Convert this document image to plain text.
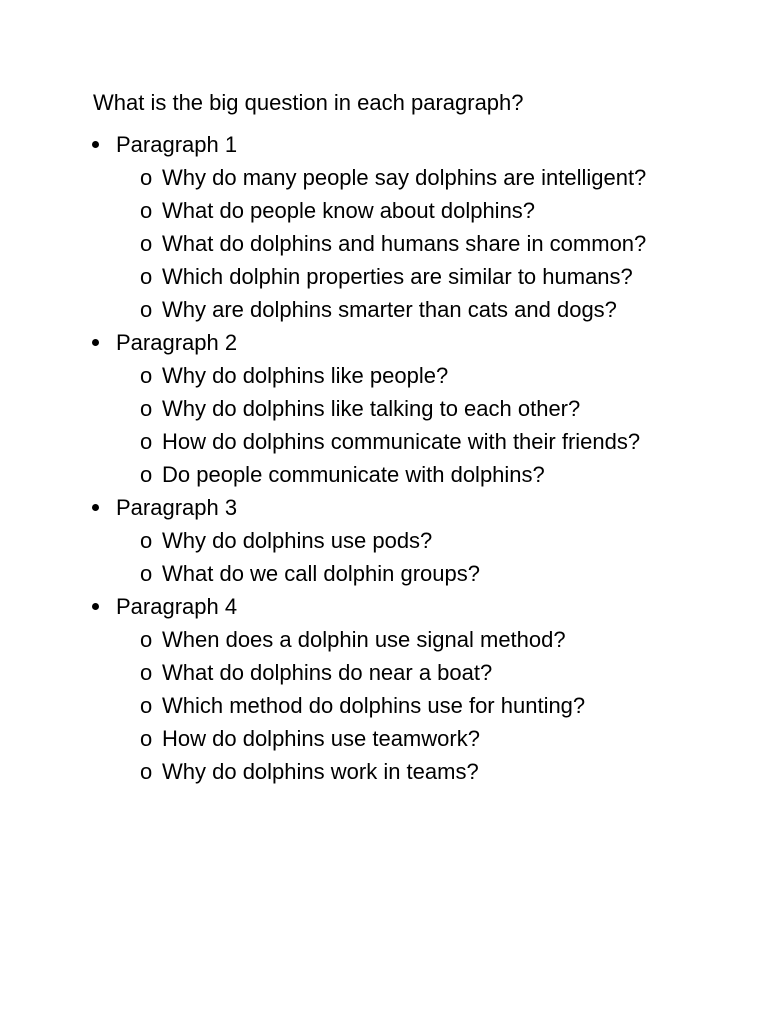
What is the big question in each paragraph?
Paragraph 1
o Why do many people say dolphins are intelligent?
o What do people know about dolphins?
o What do dolphins and humans share in common?
o Which dolphin properties are similar to humans?
o Why are dolphins smarter than cats and dogs?
Paragraph 2
o Why do dolphins like people?
o Why do dolphins like talking to each other?
o How do dolphins communicate with their friends?
o Do people communicate with dolphins?
Paragraph 3
o Why do dolphins use pods?
o What do we call dolphin groups?
Paragraph 4
o When does a dolphin use signal method?
o What do dolphins do near a boat?
o Which method do dolphins use for hunting?
o How do dolphins use teamwork?
o Why do dolphins work in teams?
